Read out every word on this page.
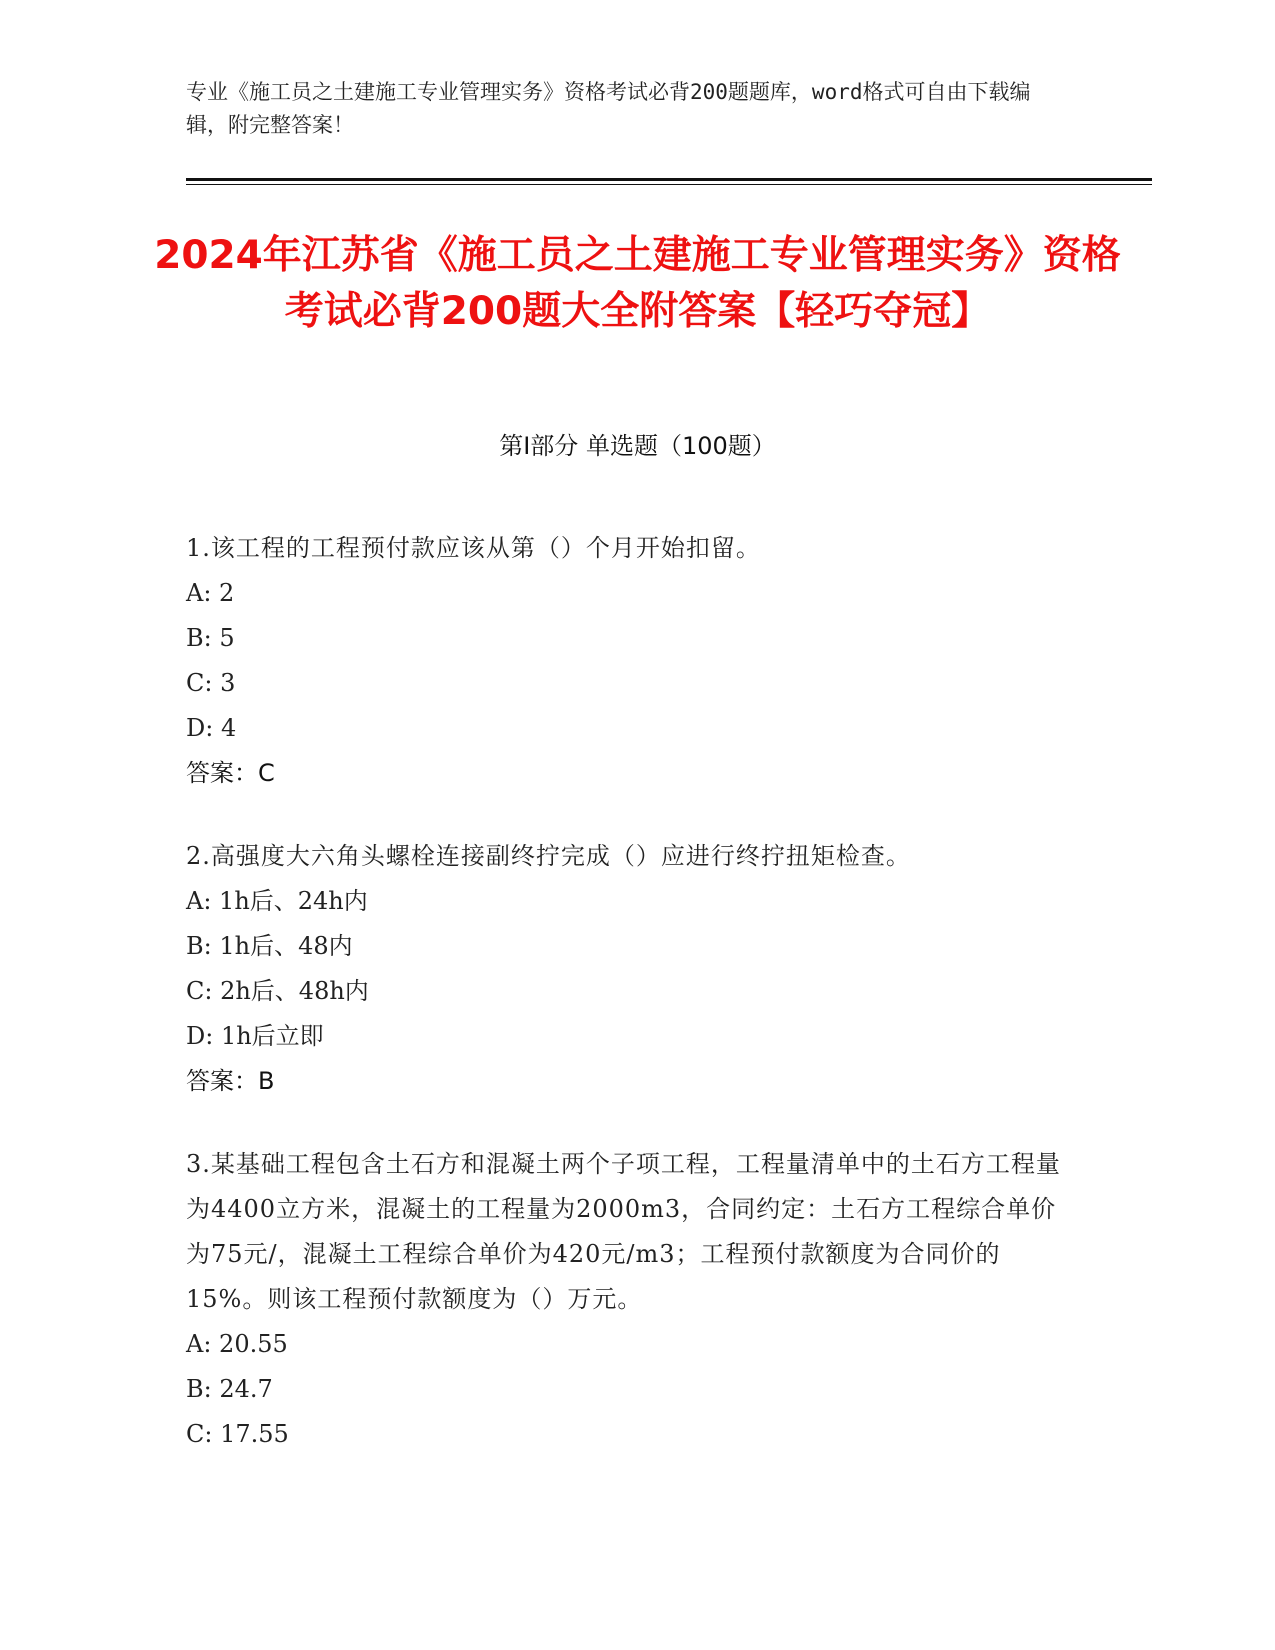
专业《施工员之土建施工专业管理实务》资格考试必背200题题库，word格式可自由下载编辑，附完整答案！
2024年江苏省《施工员之土建施工专业管理实务》资格考试必背200题大全附答案【轻巧夺冠】
第I部分 单选题（100题）

1.该工程的工程预付款应该从第（）个月开始扣留。

A: 2

B: 5

C: 3

D: 4

答案：C

2.高强度大六角头螺栓连接副终拧完成（）应进行终拧扭矩检查。

A: 1h后、24h内

B: 1h后、48内

C: 2h后、48h内

D: 1h后立即

答案：B

3.某基础工程包含土石方和混凝土两个子项工程，工程量清单中的土石方工程量为4400立方米，混凝土的工程量为2000m3，合同约定：土石方工程综合单价为75元/，混凝土工程综合单价为420元/m3；工程预付款额度为合同价的15%。则该工程预付款额度为（）万元。

A: 20.55

B: 24.7

C: 17.55
